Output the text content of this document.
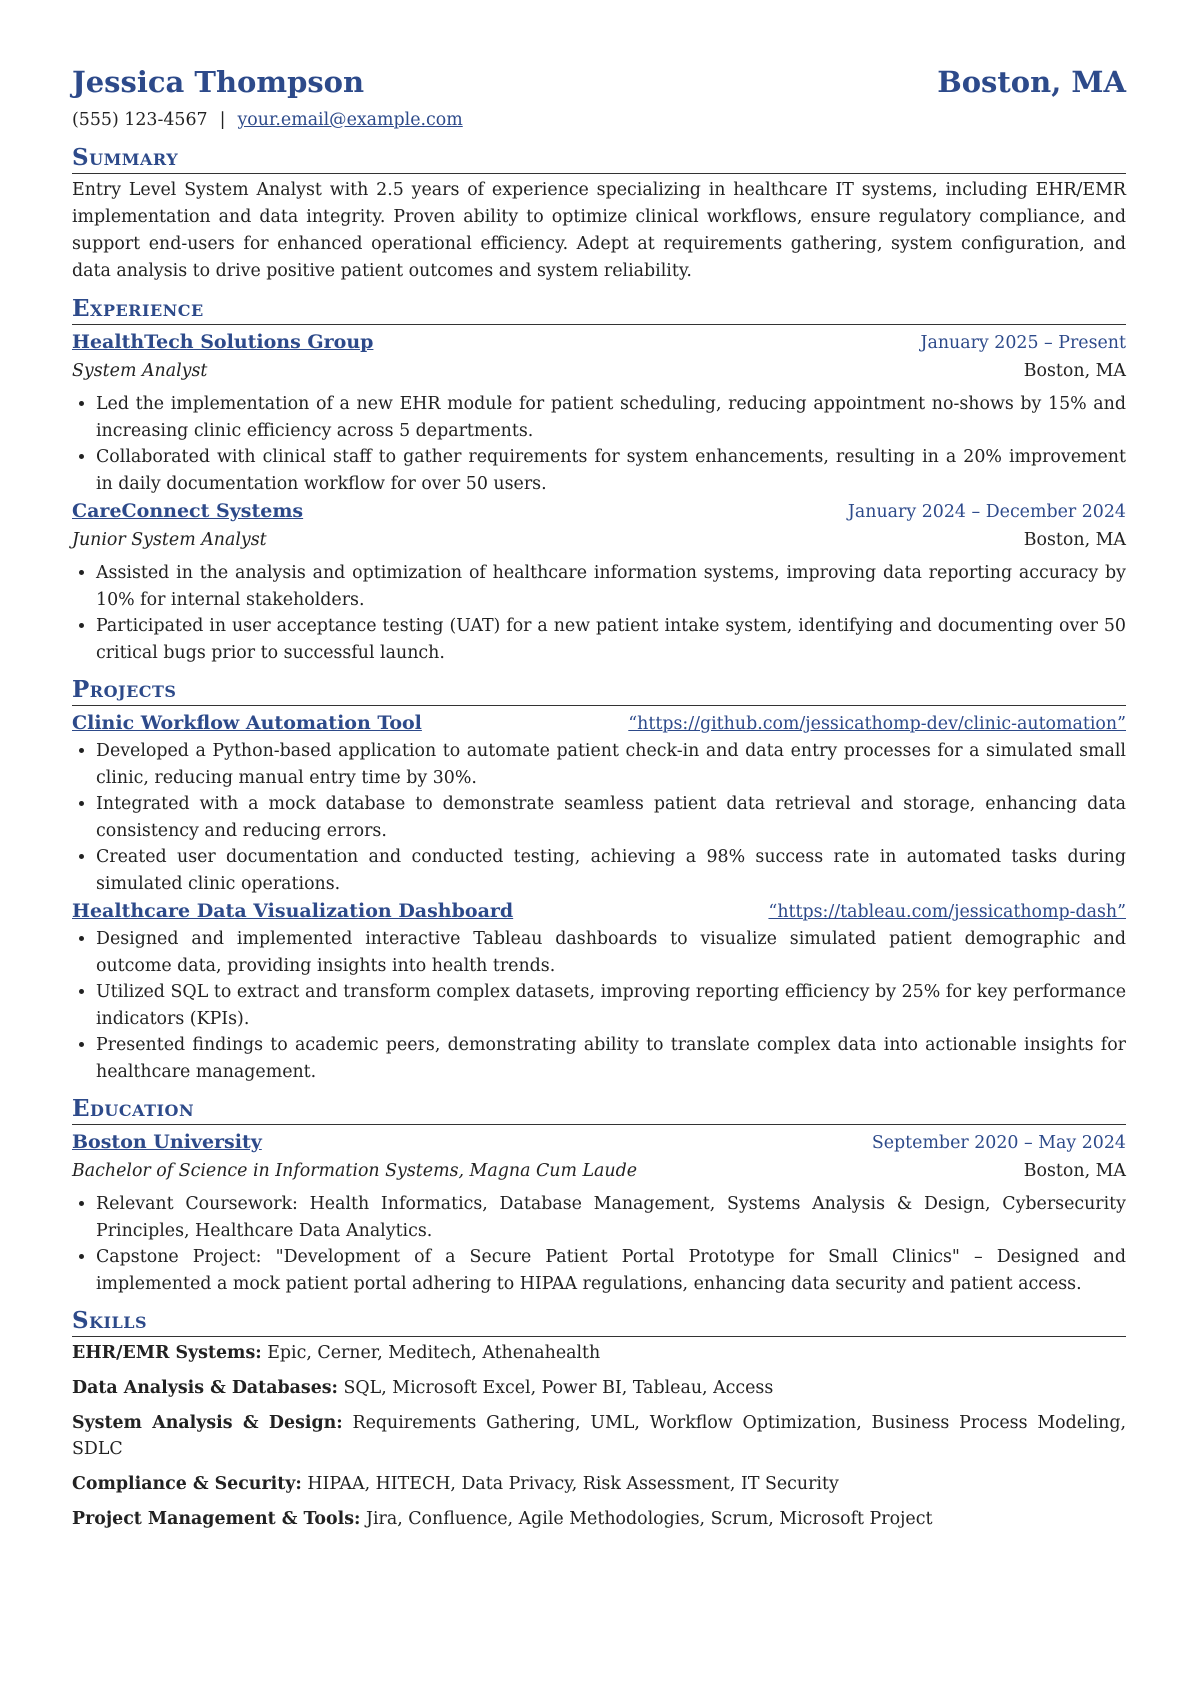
Jessica Thompson	Boston, MA
(555) 123-4567 | your.email@example.com
Summary

Entry Level System Analyst with 2.5 years of experience specializing in healthcare IT systems, including EHR/EMR implementation and data integrity. Proven ability to optimize clinical workflows, ensure regulatory compliance, and support end-users for enhanced operational efficiency. Adept at requirements gathering, system configuration, and data analysis to drive positive patient outcomes and system reliability.

Experience
HealthTech Solutions Group	January 2025 – Present
System Analyst	Boston, MA
• Led the implementation of a new EHR module for patient scheduling, reducing appointment no-shows by 15% and increasing clinic efficiency across 5 departments.
• Collaborated with clinical staff to gather requirements for system enhancements, resulting in a 20% improvement in daily documentation workflow for over 50 users.
CareConnect Systems	January 2024 – December 2024
Junior System Analyst	Boston, MA
• Assisted in the analysis and optimization of healthcare information systems, improving data reporting accuracy by 10% for internal stakeholders.
• Participated in user acceptance testing (UAT) for a new patient intake system, identifying and documenting over 50 critical bugs prior to successful launch.
Projects
Clinic Workflow Automation Tool	“https://github.com/jessicathomp-dev/clinic-automation”
• Developed a Python-based application to automate patient check-in and data entry processes for a simulated small clinic, reducing manual entry time by 30%.
• Integrated with a mock database to demonstrate seamless patient data retrieval and storage, enhancing data consistency and reducing errors.
• Created user documentation and conducted testing, achieving a 98% success rate in automated tasks during simulated clinic operations.
Healthcare Data Visualization Dashboard	“https://tableau.com/jessicathomp-dash”
• Designed and implemented interactive Tableau dashboards to visualize simulated patient demographic and outcome data, providing insights into health trends.
• Utilized SQL to extract and transform complex datasets, improving reporting efficiency by 25% for key performance indicators (KPIs).
• Presented findings to academic peers, demonstrating ability to translate complex data into actionable insights for healthcare management.
Education
Boston University	September 2020 – May 2024
Bachelor of Science in Information Systems, Magna Cum Laude	Boston, MA
• Relevant Coursework: Health Informatics, Database Management, Systems Analysis & Design, Cybersecurity Principles, Healthcare Data Analytics.
• Capstone Project: "Development of a Secure Patient Portal Prototype for Small Clinics" – Designed and implemented a mock patient portal adhering to HIPAA regulations, enhancing data security and patient access.
Skills
EHR/EMR Systems: Epic, Cerner, Meditech, Athenahealth
Data Analysis & Databases: SQL, Microsoft Excel, Power BI, Tableau, Access
System Analysis & Design: Requirements Gathering, UML, Workflow Optimization, Business Process Modeling, SDLC
Compliance & Security: HIPAA, HITECH, Data Privacy, Risk Assessment, IT Security
Project Management & Tools: Jira, Confluence, Agile Methodologies, Scrum, Microsoft Project
